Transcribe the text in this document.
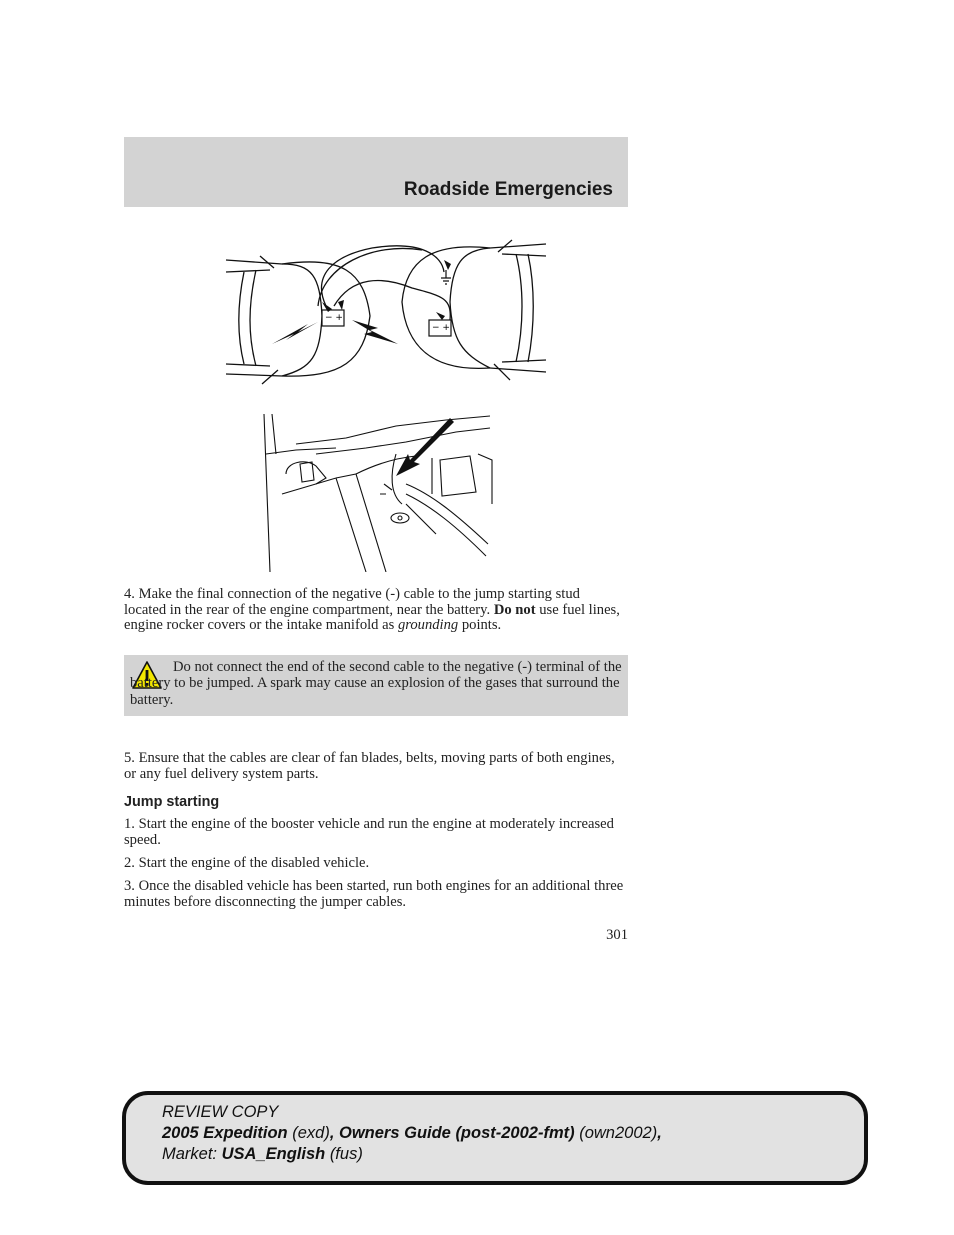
Roadside Emergencies
− +
− +

4. Make the final connection of the negative (-) cable to the jump starting stud located in the rear of the engine compartment, near the battery. Do not use fuel lines, engine rocker covers or the intake manifold as grounding points.

Do not connect the end of the second cable to the negative (-) terminal of the battery to be jumped. A spark may cause an explosion of the gases that surround the battery.

5. Ensure that the cables are clear of fan blades, belts, moving parts of both engines, or any fuel delivery system parts.

Jump starting

1. Start the engine of the booster vehicle and run the engine at moderately increased speed.

2. Start the engine of the disabled vehicle.

3. Once the disabled vehicle has been started, run both engines for an additional three minutes before disconnecting the jumper cables.

301
REVIEW COPY
2005 Expedition (exd), Owners Guide (post-2002-fmt) (own2002),
Market: USA_English (fus)
